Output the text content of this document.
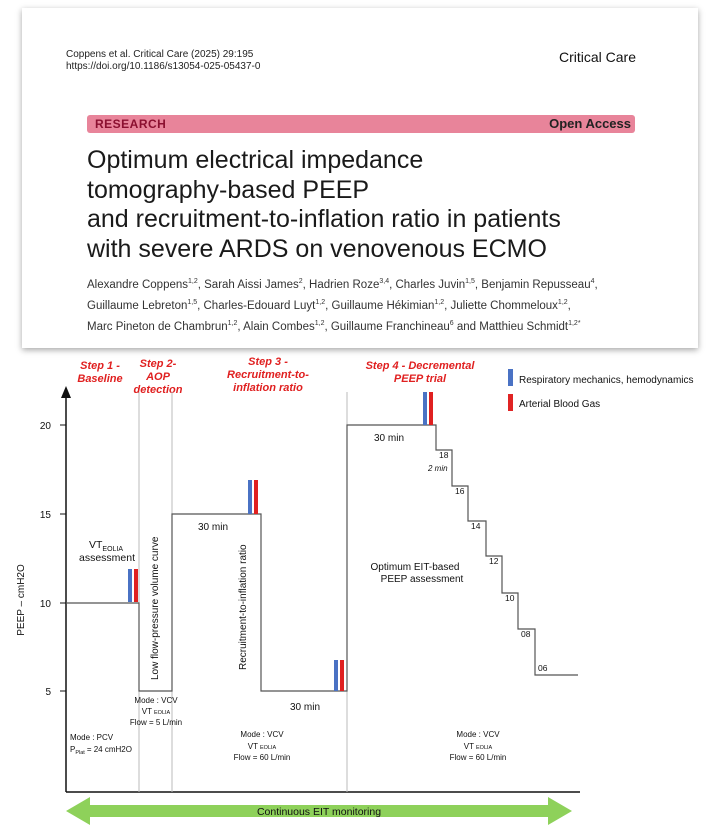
Coppens et al. Critical Care (2025) 29:195
https://doi.org/10.1186/s13054-025-05437-0
Critical Care
RESEARCH	Open Access
Optimum electrical impedance
tomography-based PEEP
and recruitment-to-inflation ratio in patients
with severe ARDS on venovenous ECMO
Alexandre Coppens$^{1,2}$, Sarah Aissi James$^2$, Hadrien Roze$^{3,4}$, Charles Juvin$^{1,5}$, Benjamin Repusseau$^4$,
Guillaume Lebreton$^{1,5}$, Charles-Edouard Luyt$^{1,2}$, Guillaume Hékimian$^{1,2}$, Juliette Chommeloux$^{1,2}$,
Marc Pineton de Chambrun$^{1,2}$, Alain Combes$^{1,2}$, Guillaume Franchineau$^6$ and Matthieu Schmidt$^{1,2*}$
Step 1 -
Baseline
Step 2-
AOP
detection
Step 3 -
Recruitment-to-
inflation ratio
Step 4 - Decremental
PEEP trial	Respiratory mechanics, hemodynamics
Arterial Blood Gas
5
10
15
20
PEEP – cmH2O
$VT_{EOLIA}$
assessment Low flow-pressure volume curve	Recruitment-to-inflation ratio
30 min
30 min
30 min
2 min
18
16
14
12
10
08
06
Optimum EIT-based
PEEP assessment
Mode : PCV
$P_{Plat} = 24$ cmH2O
Mode : VCV
VT EOLIA
Flow = 5 L/min
Mode : VCV
VT EOLIA
Flow = 60 L/min
Mode : VCV
VT EOLIA
Flow = 60 L/min
Continuous EIT monitoring
